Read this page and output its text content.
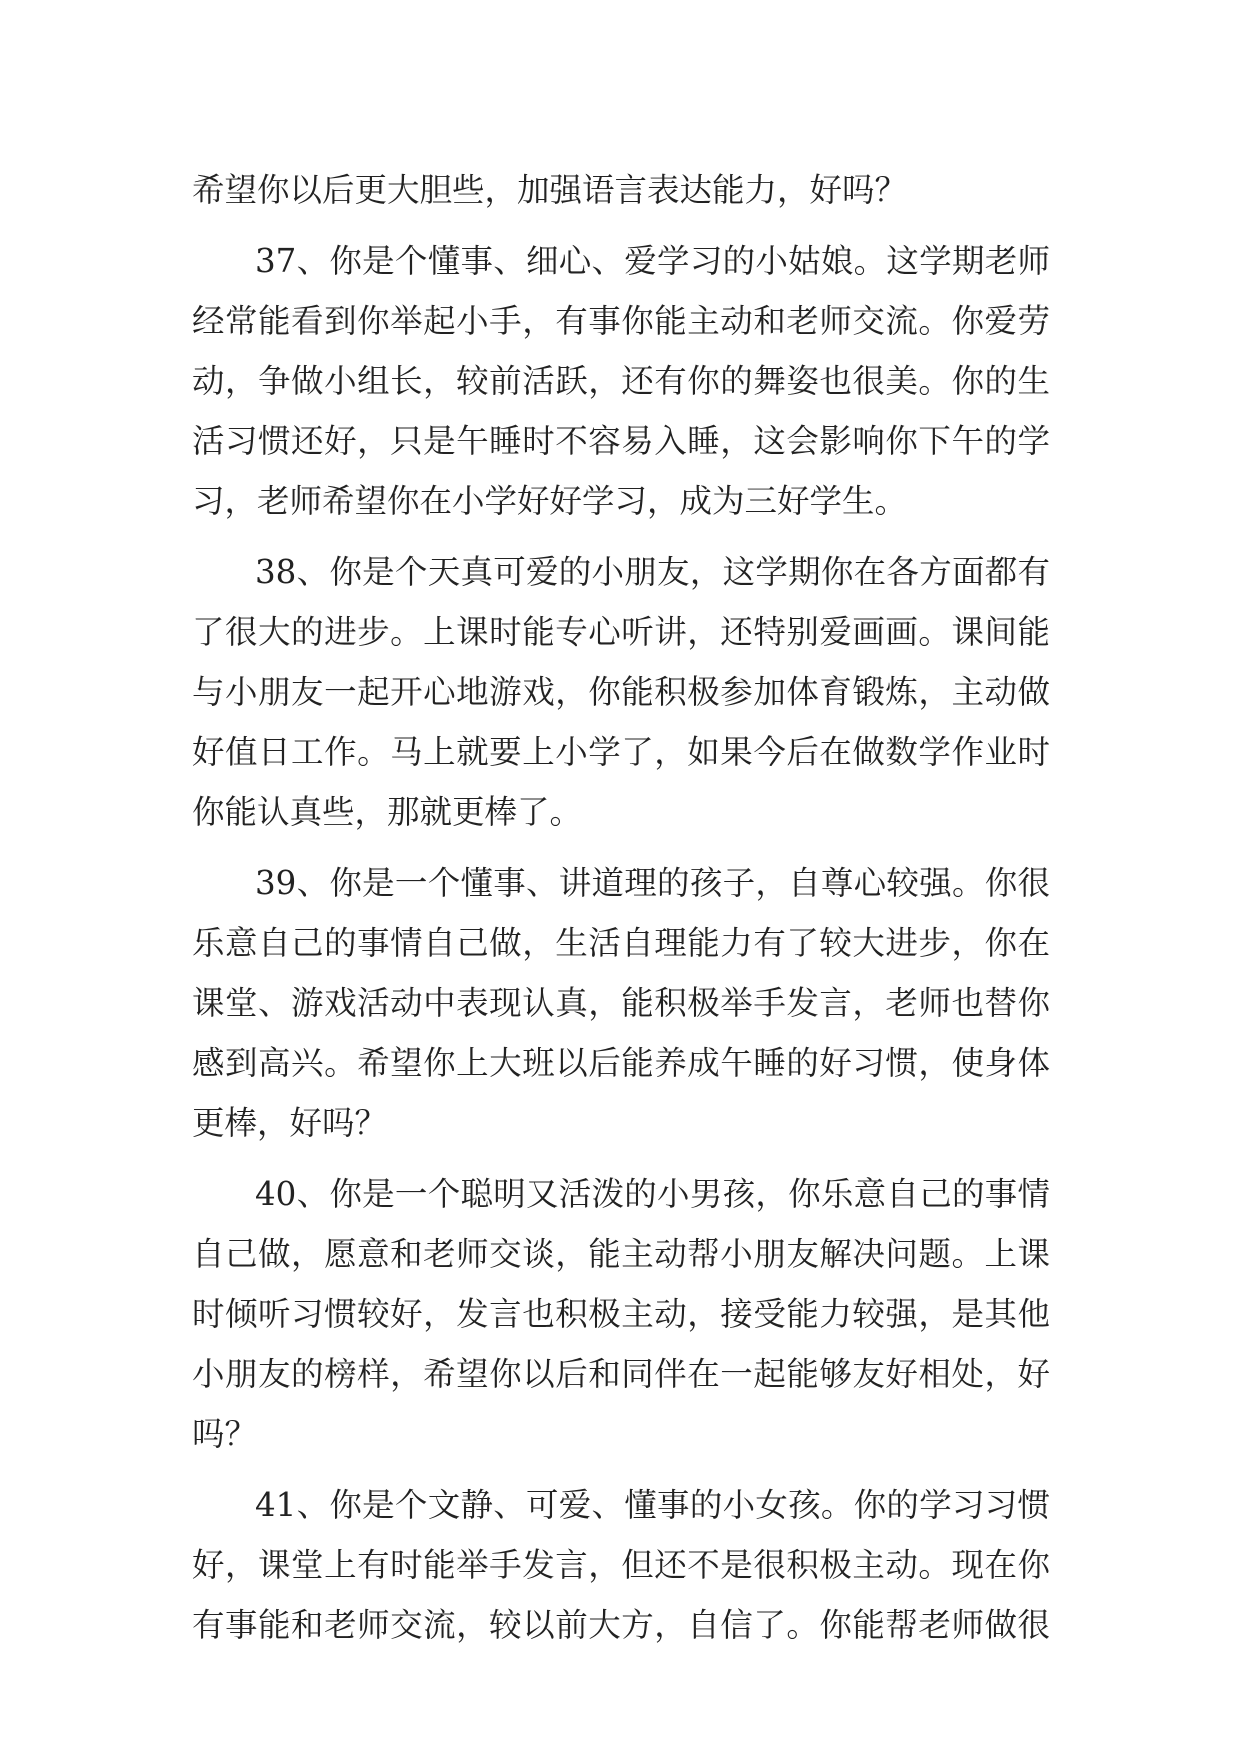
希望你以后更大胆些，加强语言表达能力，好吗？
37、你是个懂事、细心、爱学习的小姑娘。这学期老师
经常能看到你举起小手，有事你能主动和老师交流。你爱劳
动，争做小组长，较前活跃，还有你的舞姿也很美。你的生
活习惯还好，只是午睡时不容易入睡，这会影响你下午的学
习，老师希望你在小学好好学习，成为三好学生。
38、你是个天真可爱的小朋友，这学期你在各方面都有
了很大的进步。上课时能专心听讲，还特别爱画画。课间能
与小朋友一起开心地游戏，你能积极参加体育锻炼，主动做
好值日工作。马上就要上小学了，如果今后在做数学作业时
你能认真些，那就更棒了。
39、你是一个懂事、讲道理的孩子，自尊心较强。你很
乐意自己的事情自己做，生活自理能力有了较大进步，你在
课堂、游戏活动中表现认真，能积极举手发言，老师也替你
感到高兴。希望你上大班以后能养成午睡的好习惯，使身体
更棒，好吗？
40、你是一个聪明又活泼的小男孩，你乐意自己的事情
自己做，愿意和老师交谈，能主动帮小朋友解决问题。上课
时倾听习惯较好，发言也积极主动，接受能力较强，是其他
小朋友的榜样，希望你以后和同伴在一起能够友好相处，好
吗？
41、你是个文静、可爱、懂事的小女孩。你的学习习惯
好，课堂上有时能举手发言，但还不是很积极主动。现在你
有事能和老师交流，较以前大方，自信了。你能帮老师做很
